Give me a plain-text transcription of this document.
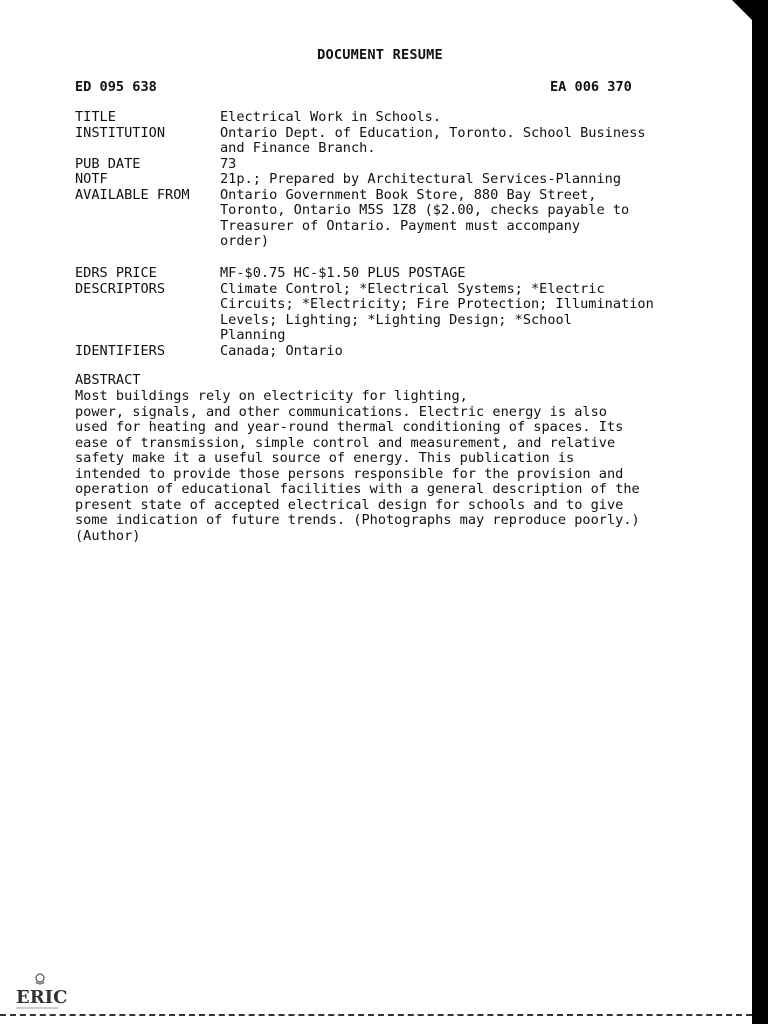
DOCUMENT RESUME
ED 095 638	EA 006 370
TITLE	Electrical Work in Schools.
INSTITUTION	Ontario Dept. of Education, Toronto. School Business
and Finance Branch.
PUB DATE	73
NOTF	21p.; Prepared by Architectural Services-Planning
AVAILABLE FROM	Ontario Government Book Store, 880 Bay Street,
Toronto, Ontario M5S 1Z8 ($2.00, checks payable to
Treasurer of Ontario. Payment must accompany
order)
EDRS PRICE	MF-$0.75 HC-$1.50 PLUS POSTAGE
DESCRIPTORS	Climate Control; *Electrical Systems; *Electric
Circuits; *Electricity; Fire Protection; Illumination
Levels; Lighting; *Lighting Design; *School
Planning
IDENTIFIERS	Canada; Ontario
ABSTRACT
Most buildings rely on electricity for lighting,
power, signals, and other communications. Electric energy is also
used for heating and year-round thermal conditioning of spaces. Its
ease of transmission, simple control and measurement, and relative
safety make it a useful source of energy. This publication is
intended to provide those persons responsible for the provision and
operation of educational facilities with a general description of the
present state of accepted electrical design for schools and to give
some indication of future trends. (Photographs may reproduce poorly.)
(Author)
ERIC
